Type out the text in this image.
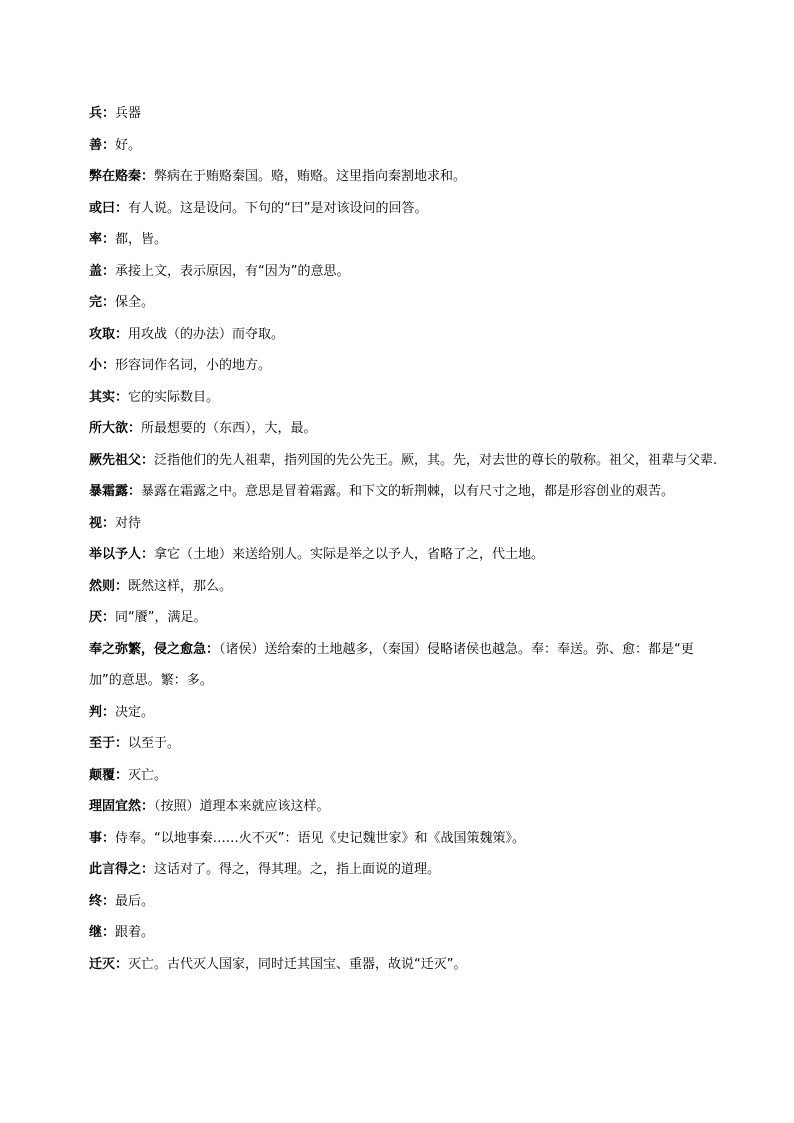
兵：兵器
善：好。
弊在赂秦：弊病在于贿赂秦国。赂，贿赂。这里指向秦割地求和。
或曰：有人说。这是设问。下句的“曰”是对该设问的回答。
率：都，皆。
盖：承接上文，表示原因，有“因为”的意思。
完：保全。
攻取：用攻战（的办法）而夺取。
小：形容词作名词，小的地方。
其实：它的实际数目。
所大欲：所最想要的（东西），大，最。
厥先祖父：泛指他们的先人祖辈，指列国的先公先王。厥，其。先，对去世的尊长的敬称。祖父，祖辈与父辈.
暴霜露：暴露在霜露之中。意思是冒着霜露。和下文的斩荆棘，以有尺寸之地，都是形容创业的艰苦。
视：对待
举以予人：拿它（土地）来送给别人。实际是举之以予人，省略了之，代土地。
然则：既然这样，那么。
厌：同“餍”，满足。
奉之弥繁，侵之愈急：（诸侯）送给秦的土地越多，（秦国）侵略诸侯也越急。奉：奉送。弥、愈：都是“更加”的意思。繁：多。
判：决定。
至于：以至于。
颠覆：灭亡。
理固宜然：（按照）道理本来就应该这样。
事：侍奉。“以地事秦……火不灭”：语见《史记魏世家》和《战国策魏策》。
此言得之：这话对了。得之，得其理。之，指上面说的道理。
终：最后。
继：跟着。
迁灭：灭亡。古代灭人国家，同时迁其国宝、重器，故说“迁灭”。
